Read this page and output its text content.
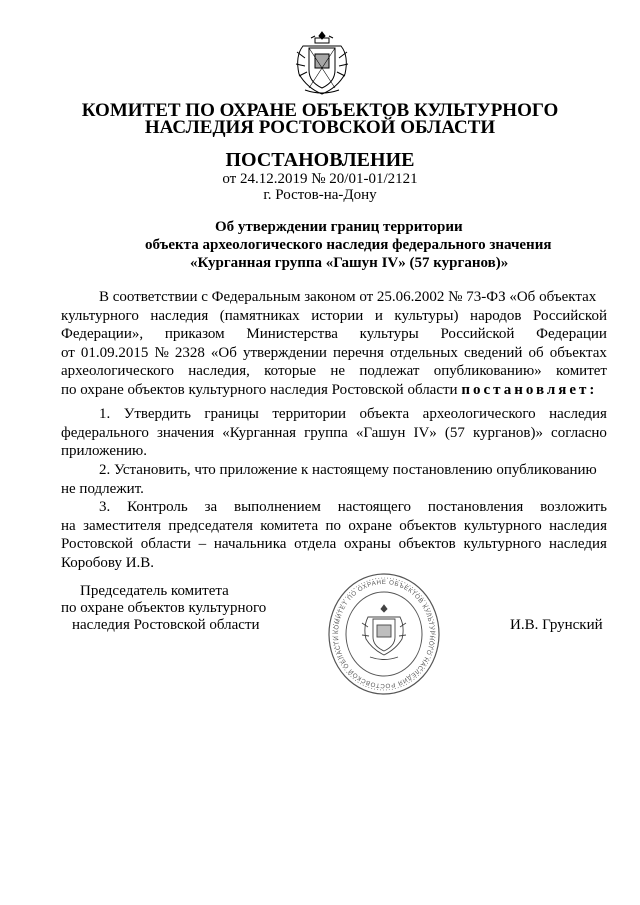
КОМИТЕТ ПО ОХРАНЕ ОБЪЕКТОВ КУЛЬТУРНОГО
НАСЛЕДИЯ РОСТОВСКОЙ ОБЛАСТИ
ПОСТАНОВЛЕНИЕ
от 24.12.2019 № 20/01-01/2121
г. Ростов-на-Дону
Об утверждении границ территории
объекта археологического наследия федерального значения
«Курганная группа «Гашун IV» (57 курганов)»
В соответствии с Федеральным законом от 25.06.2002 № 73-ФЗ «Об объектах
культурного наследия (памятниках истории и культуры) народов Российской
Федерации», приказом Министерства культуры Российской Федерации
от 01.09.2015 № 2328 «Об утверждении перечня отдельных сведений об объектах
археологического наследия, которые не подлежат опубликованию» комитет
по охране объектов культурного наследия Ростовской области постановляет:
1. Утвердить границы территории объекта археологического наследия
федерального значения «Курганная группа «Гашун IV» (57 курганов)» согласно
приложению.
2. Установить, что приложение к настоящему постановлению опубликованию
не подлежит.
3. Контроль за выполнением настоящего постановления возложить
на заместителя председателя комитета по охране объектов культурного наследия
Ростовской области – начальника отдела охраны объектов культурного наследия
Коробову И.В.
Председатель комитета
по охране объектов культурного
наследия Ростовской области	КОМИТЕТ ПО ОХРАНЕ ОБЪЕКТОВ КУЛЬТУРНОГО НАСЛЕДИЯ РОСТОВСКОЙ ОБЛАСТИ
И.В. Грунский
